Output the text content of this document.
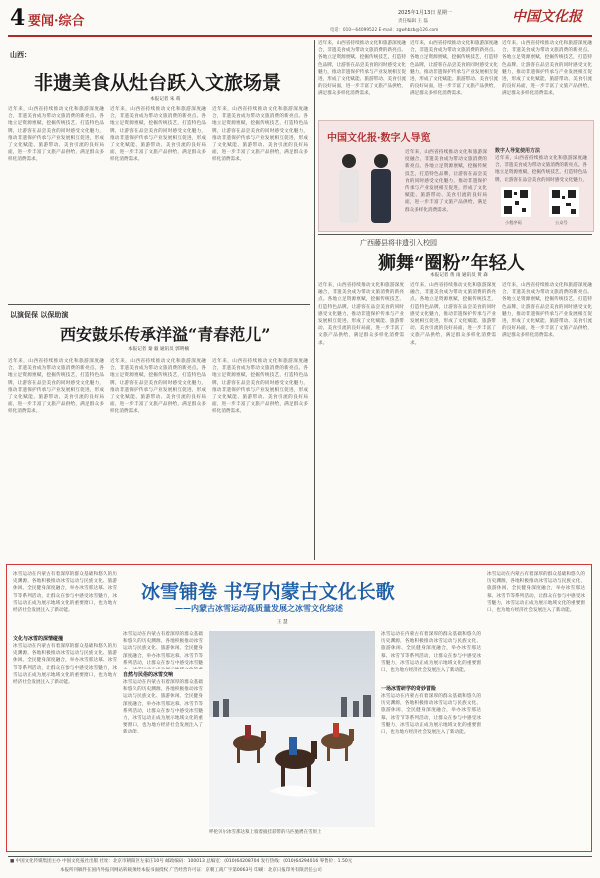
4 要闻·综合
2025年1月13日 星期一
责任编辑 王 磊
电话：010—64099522 E-mail：zgwhbzb@126.com
中国文化报
山西：
非遗美食从灶台跃入文旅场景
本报记者 朱 萌
近年来，山西省持续推动文化和旅游深度融合，非遗美食成为带动文旅消费的新亮点。各地立足资源禀赋，挖掘传统技艺，打造特色品牌，让游客在品尝美食的同时感受文化魅力，推动非遗保护传承与产业发展相互促进，形成了文化赋能、旅游带动、美食引流的良好局面，进一步丰富了文旅产品供给，满足群众多样化消费需求。
近年来，山西省持续推动文化和旅游深度融合，非遗美食成为带动文旅消费的新亮点。各地立足资源禀赋，挖掘传统技艺，打造特色品牌，让游客在品尝美食的同时感受文化魅力，推动非遗保护传承与产业发展相互促进，形成了文化赋能、旅游带动、美食引流的良好局面，进一步丰富了文旅产品供给，满足群众多样化消费需求。
近年来，山西省持续推动文化和旅游深度融合，非遗美食成为带动文旅消费的新亮点。各地立足资源禀赋，挖掘传统技艺，打造特色品牌，让游客在品尝美食的同时感受文化魅力，推动非遗保护传承与产业发展相互促进，形成了文化赋能、旅游带动、美食引流的良好局面，进一步丰富了文旅产品供给，满足群众多样化消费需求。
近年来，山西省持续推动文化和旅游深度融合，非遗美食成为带动文旅消费的新亮点。各地立足资源禀赋，挖掘传统技艺，打造特色品牌，让游客在品尝美食的同时感受文化魅力，推动非遗保护传承与产业发展相互促进，形成了文化赋能、旅游带动、美食引流的良好局面，进一步丰富了文旅产品供给，满足群众多样化消费需求。
近年来，山西省持续推动文化和旅游深度融合，非遗美食成为带动文旅消费的新亮点。各地立足资源禀赋，挖掘传统技艺，打造特色品牌，让游客在品尝美食的同时感受文化魅力，推动非遗保护传承与产业发展相互促进，形成了文化赋能、旅游带动、美食引流的良好局面，进一步丰富了文旅产品供给，满足群众多样化消费需求。
近年来，山西省持续推动文化和旅游深度融合，非遗美食成为带动文旅消费的新亮点。各地立足资源禀赋，挖掘传统技艺，打造特色品牌，让游客在品尝美食的同时感受文化魅力，推动非遗保护传承与产业发展相互促进，形成了文化赋能、旅游带动、美食引流的良好局面，进一步丰富了文旅产品供给，满足群众多样化消费需求。
中国文化报·数字人导览
近年来，山西省持续推动文化和旅游深度融合，非遗美食成为带动文旅消费的新亮点。各地立足资源禀赋，挖掘传统技艺，打造特色品牌，让游客在品尝美食的同时感受文化魅力，推动非遗保护传承与产业发展相互促进，形成了文化赋能、旅游带动、美食引流的良好局面，进一步丰富了文旅产品供给，满足群众多样化消费需求。
数字人导览使用方法
近年来，山西省持续推动文化和旅游深度融合，非遗美食成为带动文旅消费的新亮点。各地立足资源禀赋，挖掘传统技艺，打造特色品牌，让游客在品尝美食的同时感受文化魅力，推动非遗保护传承与产业发展相互促进，形成了文化赋能、旅游带动、美食引流的良好局面，进一步丰富了文旅产品供给，满足群众多样化消费需求。
小程序码	公众号
广西藤县将非遗引入校园
狮舞“圈粉”年轻人
本报记者 黄 雨 通讯员 黄 森
近年来，山西省持续推动文化和旅游深度融合，非遗美食成为带动文旅消费的新亮点。各地立足资源禀赋，挖掘传统技艺，打造特色品牌，让游客在品尝美食的同时感受文化魅力，推动非遗保护传承与产业发展相互促进，形成了文化赋能、旅游带动、美食引流的良好局面，进一步丰富了文旅产品供给，满足群众多样化消费需求。
近年来，山西省持续推动文化和旅游深度融合，非遗美食成为带动文旅消费的新亮点。各地立足资源禀赋，挖掘传统技艺，打造特色品牌，让游客在品尝美食的同时感受文化魅力，推动非遗保护传承与产业发展相互促进，形成了文化赋能、旅游带动、美食引流的良好局面，进一步丰富了文旅产品供给，满足群众多样化消费需求。
近年来，山西省持续推动文化和旅游深度融合，非遗美食成为带动文旅消费的新亮点。各地立足资源禀赋，挖掘传统技艺，打造特色品牌，让游客在品尝美食的同时感受文化魅力，推动非遗保护传承与产业发展相互促进，形成了文化赋能、旅游带动、美食引流的良好局面，进一步丰富了文旅产品供给，满足群众多样化消费需求。
以演促保 以保助演
西安鼓乐传承洋溢“青春范儿”
本报记者 秦 毅 通讯员 郭明楠
近年来，山西省持续推动文化和旅游深度融合，非遗美食成为带动文旅消费的新亮点。各地立足资源禀赋，挖掘传统技艺，打造特色品牌，让游客在品尝美食的同时感受文化魅力，推动非遗保护传承与产业发展相互促进，形成了文化赋能、旅游带动、美食引流的良好局面，进一步丰富了文旅产品供给，满足群众多样化消费需求。
近年来，山西省持续推动文化和旅游深度融合，非遗美食成为带动文旅消费的新亮点。各地立足资源禀赋，挖掘传统技艺，打造特色品牌，让游客在品尝美食的同时感受文化魅力，推动非遗保护传承与产业发展相互促进，形成了文化赋能、旅游带动、美食引流的良好局面，进一步丰富了文旅产品供给，满足群众多样化消费需求。
近年来，山西省持续推动文化和旅游深度融合，非遗美食成为带动文旅消费的新亮点。各地立足资源禀赋，挖掘传统技艺，打造特色品牌，让游客在品尝美食的同时感受文化魅力，推动非遗保护传承与产业发展相互促进，形成了文化赋能、旅游带动、美食引流的良好局面，进一步丰富了文旅产品供给，满足群众多样化消费需求。
冰雪运动在内蒙古有着深厚的群众基础和悠久的历史渊源，各地积极推动冰雪运动与民族文化、旅游休闲、全民健身深度融合，举办冰雪那达慕、冰雪节等系列活动，让群众在参与中感受冰雪魅力，冰雪运动正成为展示地域文化的重要窗口，也为地方经济社会发展注入了新动能。
冰雪铺卷 书写内蒙古文化长歌
——内蒙古冰雪运动高质量发展之冰雪文化综述
王 慧
文化与冰雪的深情碰撞
冰雪运动在内蒙古有着深厚的群众基础和悠久的历史渊源，各地积极推动冰雪运动与民族文化、旅游休闲、全民健身深度融合，举办冰雪那达慕、冰雪节等系列活动，让群众在参与中感受冰雪魅力，冰雪运动正成为展示地域文化的重要窗口，也为地方经济社会发展注入了新动能。
冰雪运动在内蒙古有着深厚的群众基础和悠久的历史渊源，各地积极推动冰雪运动与民族文化、旅游休闲、全民健身深度融合，举办冰雪那达慕、冰雪节等系列活动，让群众在参与中感受冰雪魅力，冰雪运动正成为展示地域文化的重要窗口，也为地方经济社会发展注入了新动能。
自然与民俗的冰雪交响
冰雪运动在内蒙古有着深厚的群众基础和悠久的历史渊源，各地积极推动冰雪运动与民族文化、旅游休闲、全民健身深度融合，举办冰雪那达慕、冰雪节等系列活动，让群众在参与中感受冰雪魅力，冰雪运动正成为展示地域文化的重要窗口，也为地方经济社会发展注入了新动能。
呼伦贝尔冰雪那达慕上骑着披挂彩带的马匹驰骋在雪原上
冰雪运动在内蒙古有着深厚的群众基础和悠久的历史渊源，各地积极推动冰雪运动与民族文化、旅游休闲、全民健身深度融合，举办冰雪那达慕、冰雪节等系列活动，让群众在参与中感受冰雪魅力，冰雪运动正成为展示地域文化的重要窗口，也为地方经济社会发展注入了新动能。
一场冰雪研学的奇妙冒险
冰雪运动在内蒙古有着深厚的群众基础和悠久的历史渊源，各地积极推动冰雪运动与民族文化、旅游休闲、全民健身深度融合，举办冰雪那达慕、冰雪节等系列活动，让群众在参与中感受冰雪魅力，冰雪运动正成为展示地域文化的重要窗口，也为地方经济社会发展注入了新动能。
冰雪运动在内蒙古有着深厚的群众基础和悠久的历史渊源，各地积极推动冰雪运动与民族文化、旅游休闲、全民健身深度融合，举办冰雪那达慕、冰雪节等系列活动，让群众在参与中感受冰雪魅力，冰雪运动正成为展示地域文化的重要窗口，也为地方经济社会发展注入了新动能。
■ 中国文化传媒集团主办 中国文化报社出版 社址：北京市朝阳区左家庄10号 邮政编码：100013 总编室：(010)64208704 发行热线：(010)64294016 零售价：1.50元
本报所刊稿件在国内外报刊网站转载须经本报书面授权 广告经营许可证：京朝工商广字第0063号 印刷：北京日报印务有限责任公司
